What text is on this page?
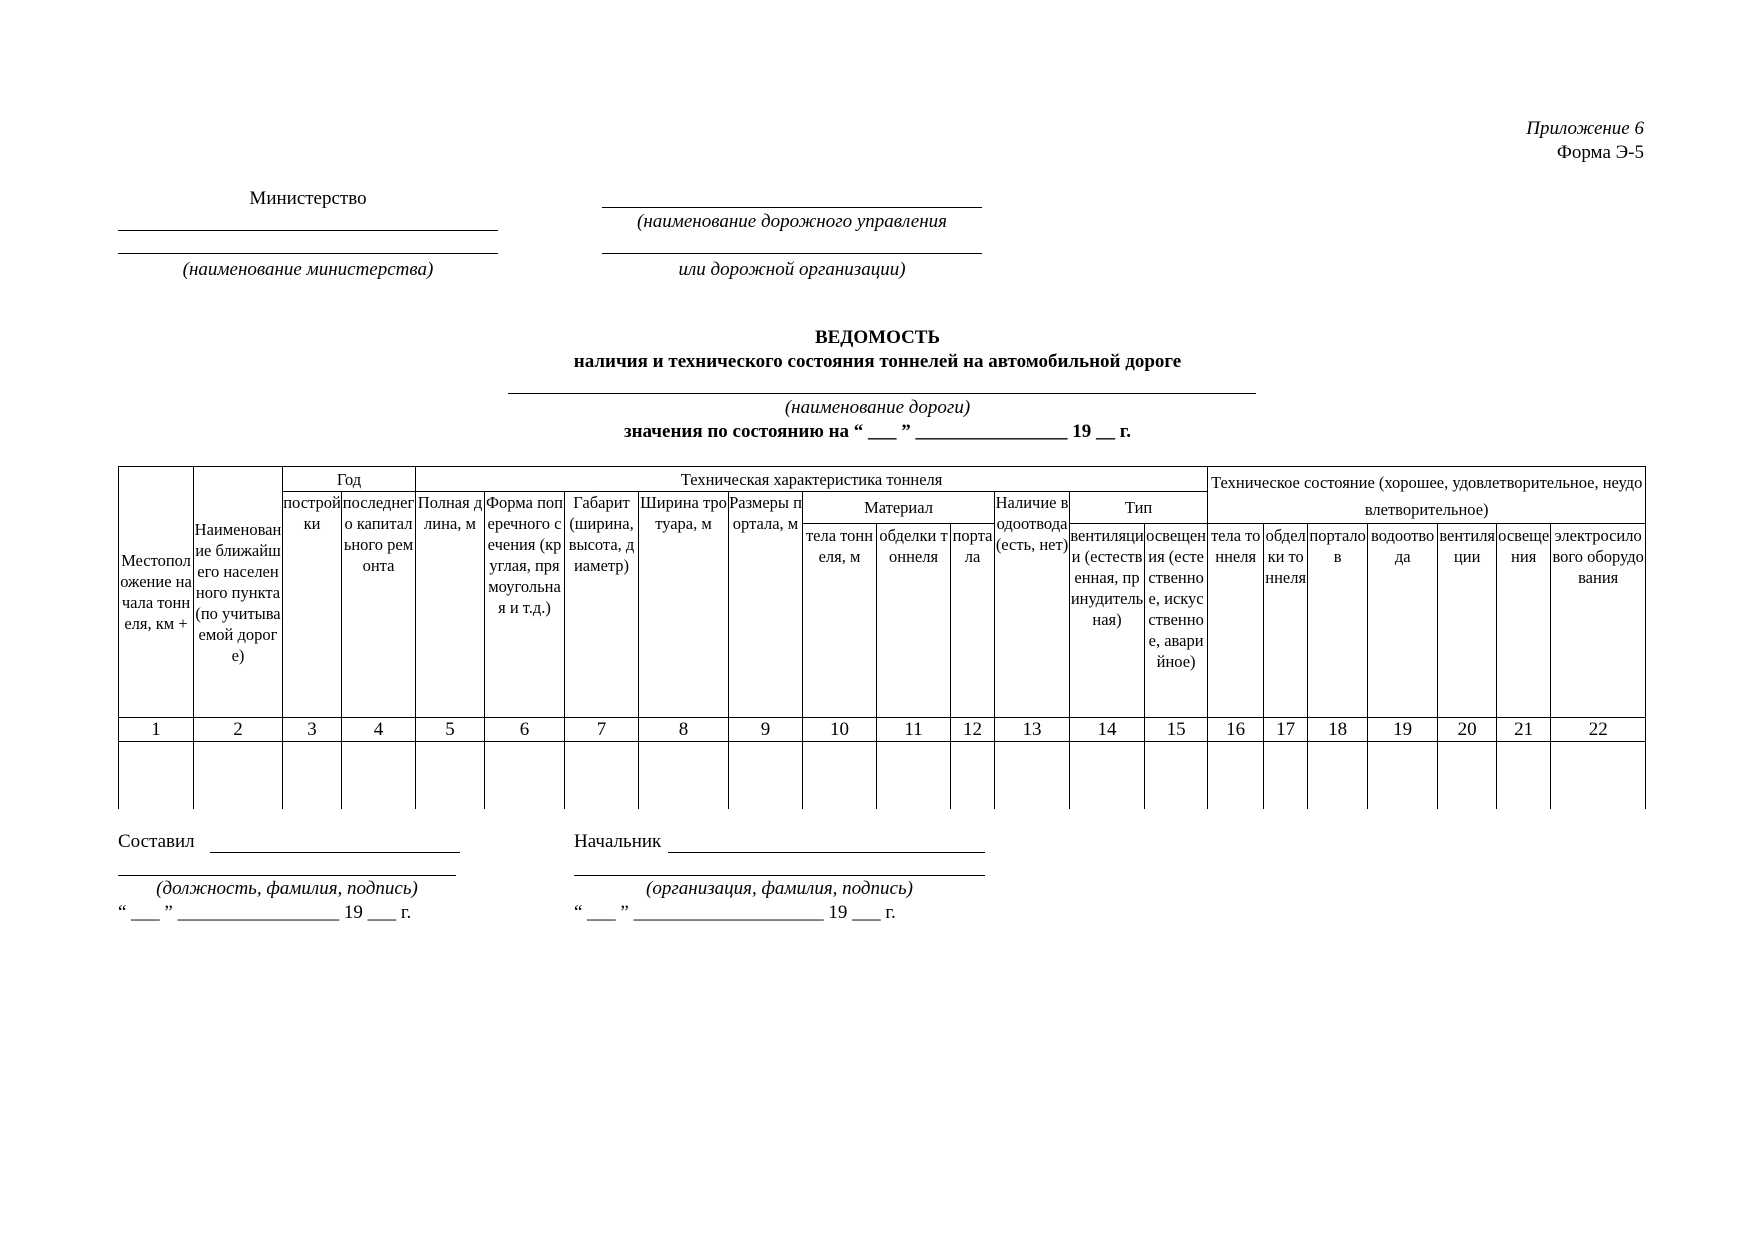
Приложение 6
Форма Э-5
Министерство
(наименование министерства)
(наименование дорожного управления
или дорожной организации)
ВЕДОМОСТЬ
наличия и технического состояния тоннелей на автомобильной дороге
(наименование дороги)
значения по состоянию на “ ___ ” ________________ 19 __ г.
Местоположение начала тоннеля, км +	Наименование ближайшего населенного пункта (по учитываемой дороге)	Год		Техническая характеристика тоннеля											Техническое состояние (хорошее, удовлетворительное, неудовлетворительное)						
		постройки	последнего капитального ремонта	Полная длина, м	Форма поперечного сечения (круглая, прямоугольная и т.д.)	Габарит (ширина, высота, диаметр)	Ширина тротуара, м	Размеры портала, м	Материал			Наличие водоотвода (есть, нет)	Тип								
									тела тоннеля, м	обделки тоннеля	портала		вентиляции (естественная, принудительная)	освещения (естественное, искусственное, аварийное)	тела тоннеля	обделки тоннеля	порталов	водоотвода	вентиляции	освещения	электросилового оборудования
1	2	3	4	5	6	7	8	9	10	11	12	13	14	15	16	17	18	19	20	21	22

Составил
(должность, фамилия, подпись)
“ ___ ” _________________ 19 ___ г.
Начальник
(организация, фамилия, подпись)
“ ___ ” ____________________ 19 ___ г.
